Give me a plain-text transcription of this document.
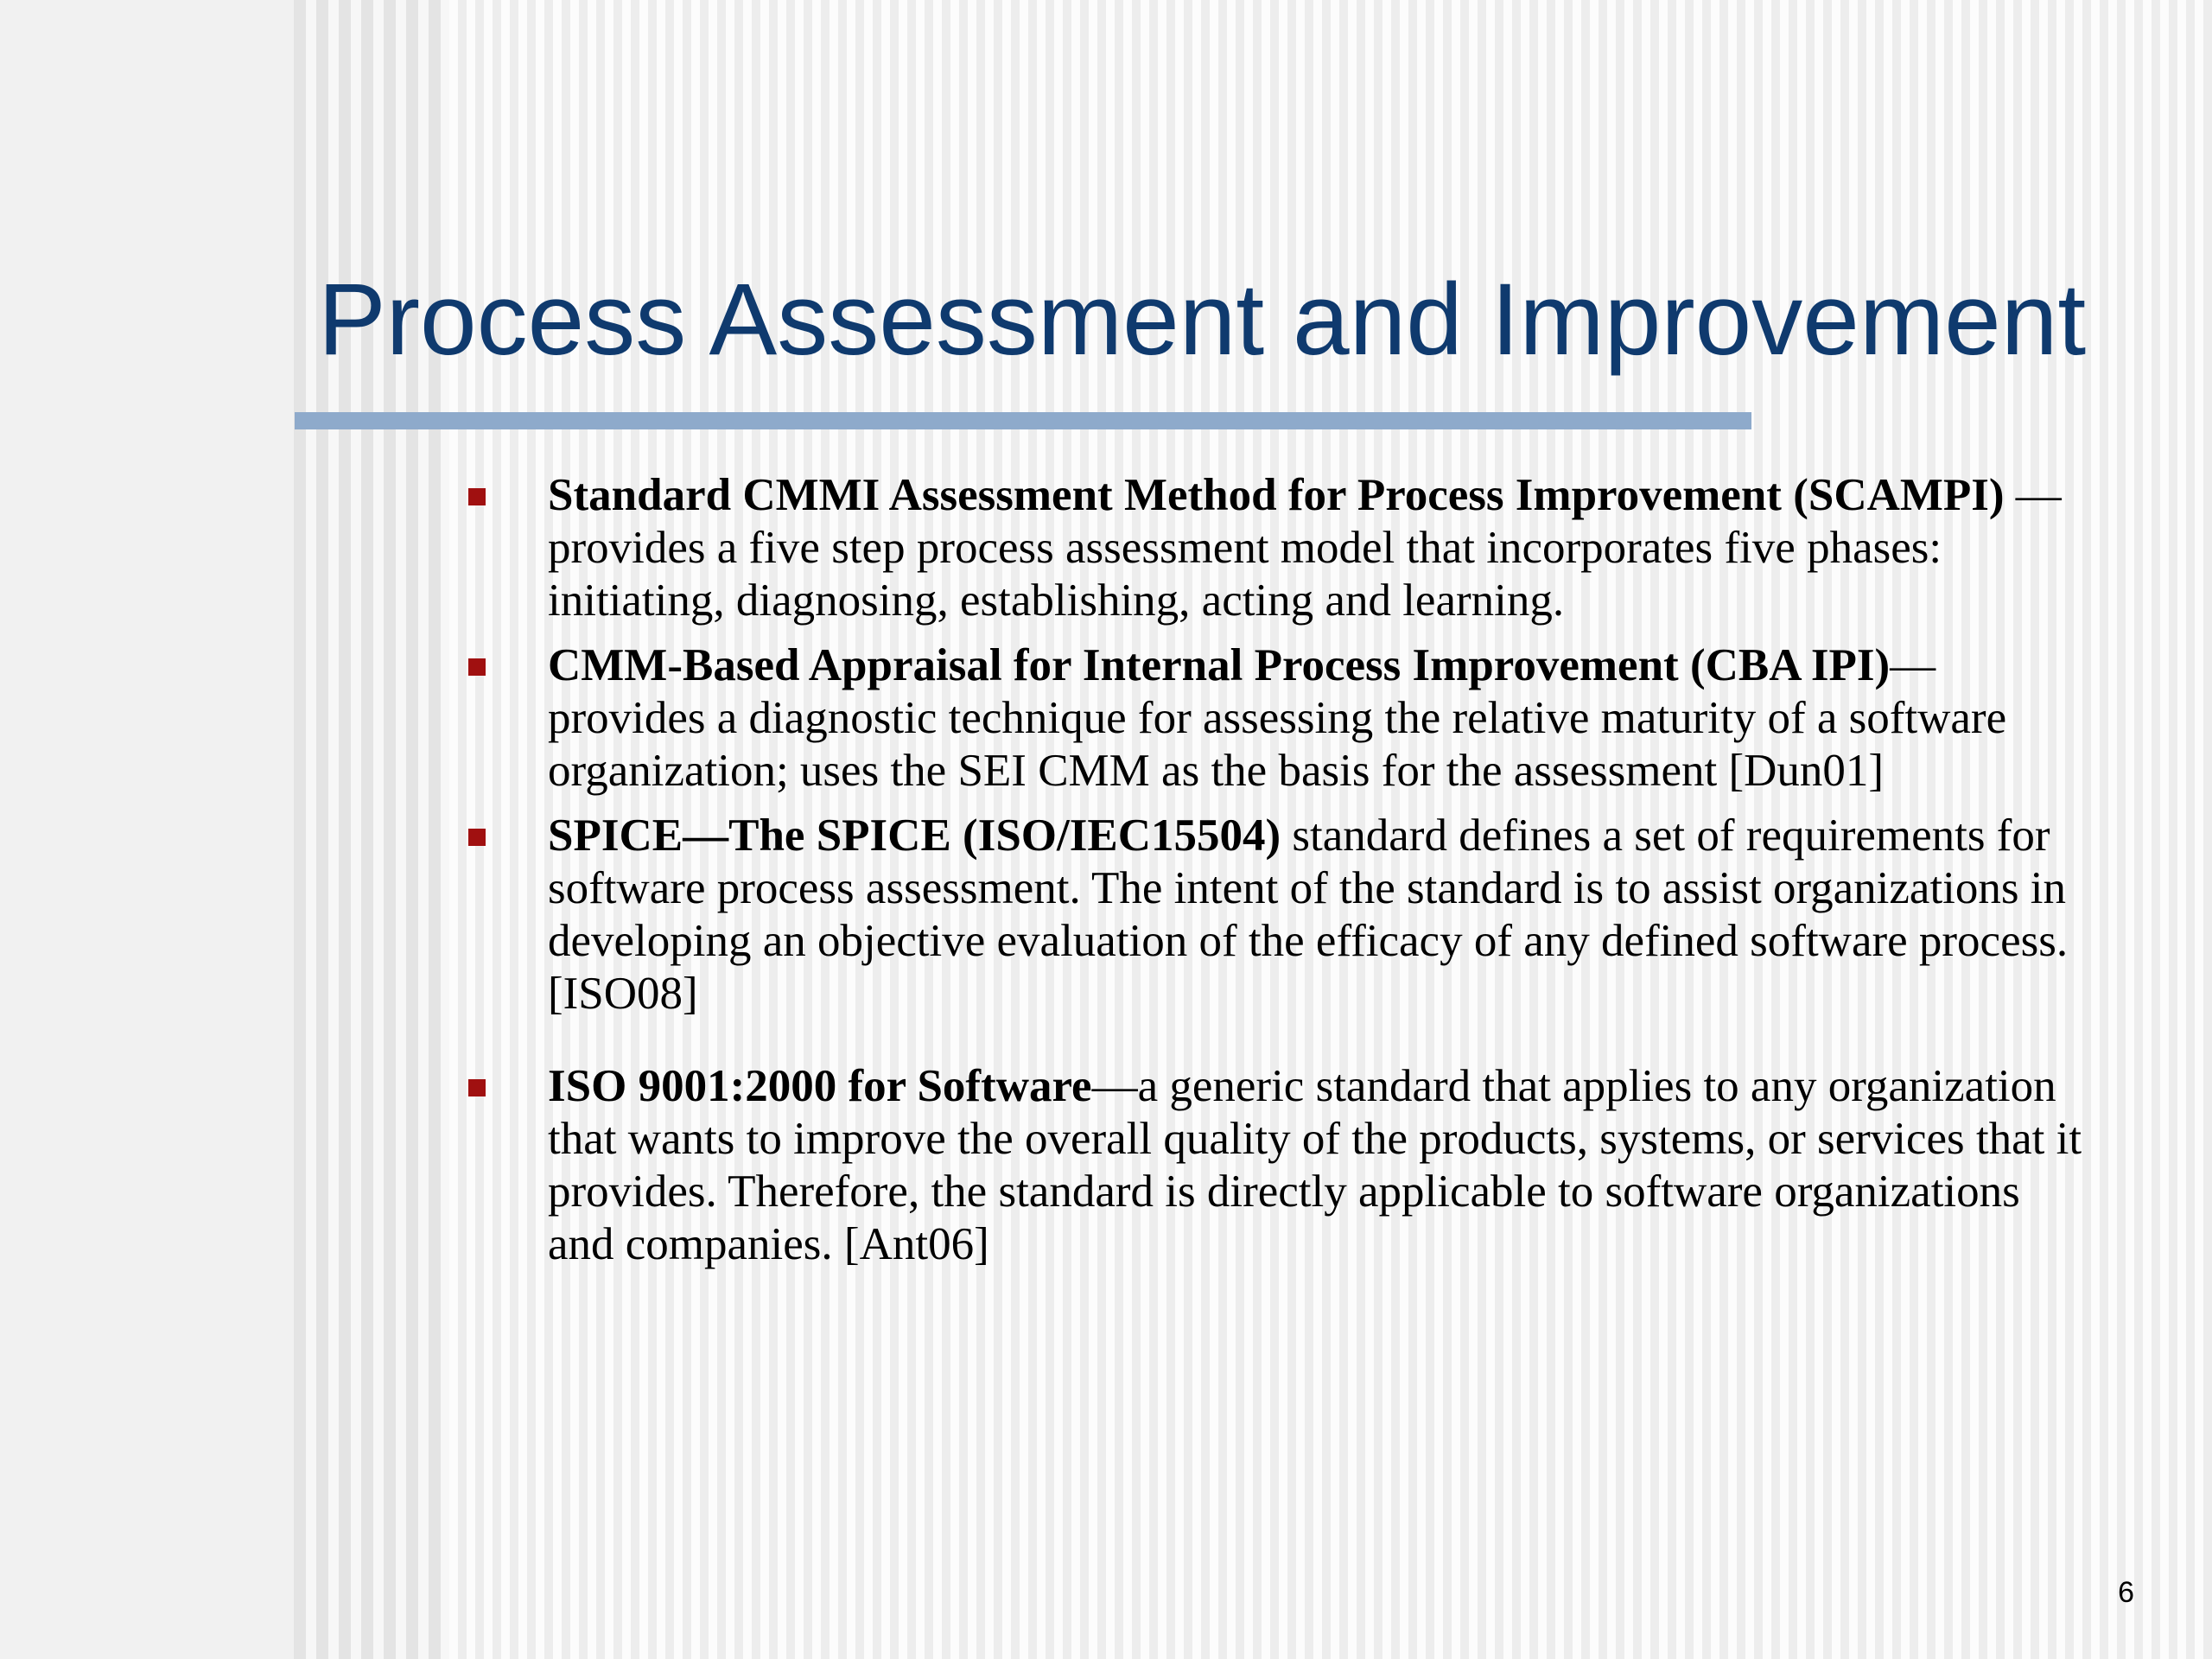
Process Assessment and Improvement
Standard CMMI Assessment Method for Process Improvement (SCAMPI) — provides a five step process assessment model that incorporates five phases: initiating, diagnosing, establishing, acting and learning.
CMM-Based Appraisal for Internal Process Improvement (CBA IPI)—provides a diagnostic technique for assessing the relative maturity of a software organization; uses the SEI CMM as the basis for the assessment [Dun01]
SPICE—The SPICE (ISO/IEC15504) standard defines a set of requirements for software process assessment. The intent of the standard is to assist organizations in developing an objective evaluation of the efficacy of any defined software process. [ISO08]
ISO 9001:2000 for Software—a generic standard that applies to any organization that wants to improve the overall quality of the products, systems, or services that it provides. Therefore, the standard is directly applicable to software organizations and companies. [Ant06]
6
